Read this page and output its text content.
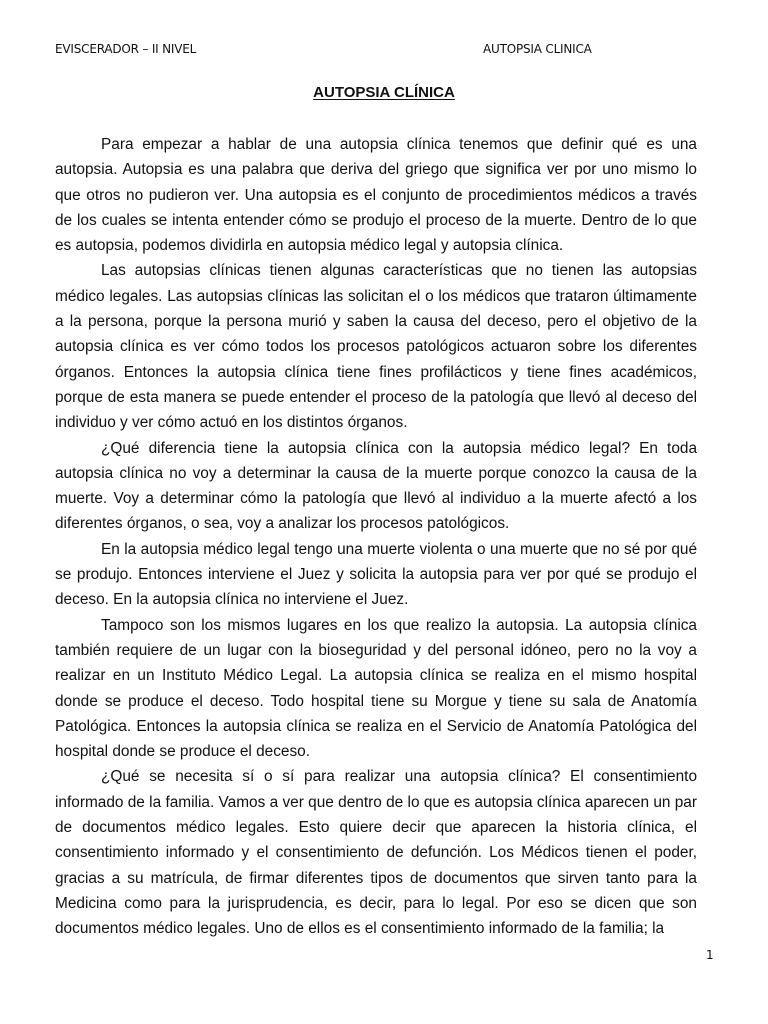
EVISCERADOR – II NIVEL	AUTOPSIA CLINICA
AUTOPSIA CLÍNICA

Para empezar a hablar de una autopsia clínica tenemos que definir qué es una autopsia. Autopsia es una palabra que deriva del griego que significa ver por uno mismo lo que otros no pudieron ver. Una autopsia es el conjunto de procedimientos médicos a través de los cuales se intenta entender cómo se produjo el proceso de la muerte. Dentro de lo que es autopsia, podemos dividirla en autopsia médico legal y autopsia clínica.

Las autopsias clínicas tienen algunas características que no tienen las autopsias médico legales. Las autopsias clínicas las solicitan el o los médicos que trataron últimamente a la persona, porque la persona murió y saben la causa del deceso, pero el objetivo de la autopsia clínica es ver cómo todos los procesos patológicos actuaron sobre los diferentes órganos. Entonces la autopsia clínica tiene fines profilácticos y tiene fines académicos, porque de esta manera se puede entender el proceso de la patología que llevó al deceso del individuo y ver cómo actuó en los distintos órganos.

¿Qué diferencia tiene la autopsia clínica con la autopsia médico legal? En toda autopsia clínica no voy a determinar la causa de la muerte porque conozco la causa de la muerte. Voy a determinar cómo la patología que llevó al individuo a la muerte afectó a los diferentes órganos, o sea, voy a analizar los procesos patológicos.

En la autopsia médico legal tengo una muerte violenta o una muerte que no sé por qué se produjo. Entonces interviene el Juez y solicita la autopsia para ver por qué se produjo el deceso. En la autopsia clínica no interviene el Juez.

Tampoco son los mismos lugares en los que realizo la autopsia. La autopsia clínica también requiere de un lugar con la bioseguridad y del personal idóneo, pero no la voy a realizar en un Instituto Médico Legal. La autopsia clínica se realiza en el mismo hospital donde se produce el deceso. Todo hospital tiene su Morgue y tiene su sala de Anatomía Patológica. Entonces la autopsia clínica se realiza en el Servicio de Anatomía Patológica del hospital donde se produce el deceso.

¿Qué se necesita sí o sí para realizar una autopsia clínica? El consentimiento informado de la familia. Vamos a ver que dentro de lo que es autopsia clínica aparecen un par de documentos médico legales. Esto quiere decir que aparecen la historia clínica, el consentimiento informado y el consentimiento de defunción. Los Médicos tienen el poder, gracias a su matrícula, de firmar diferentes tipos de documentos que sirven tanto para la Medicina como para la jurisprudencia, es decir, para lo legal. Por eso se dicen que son documentos médico legales. Uno de ellos es el consentimiento informado de la familia; la

1
